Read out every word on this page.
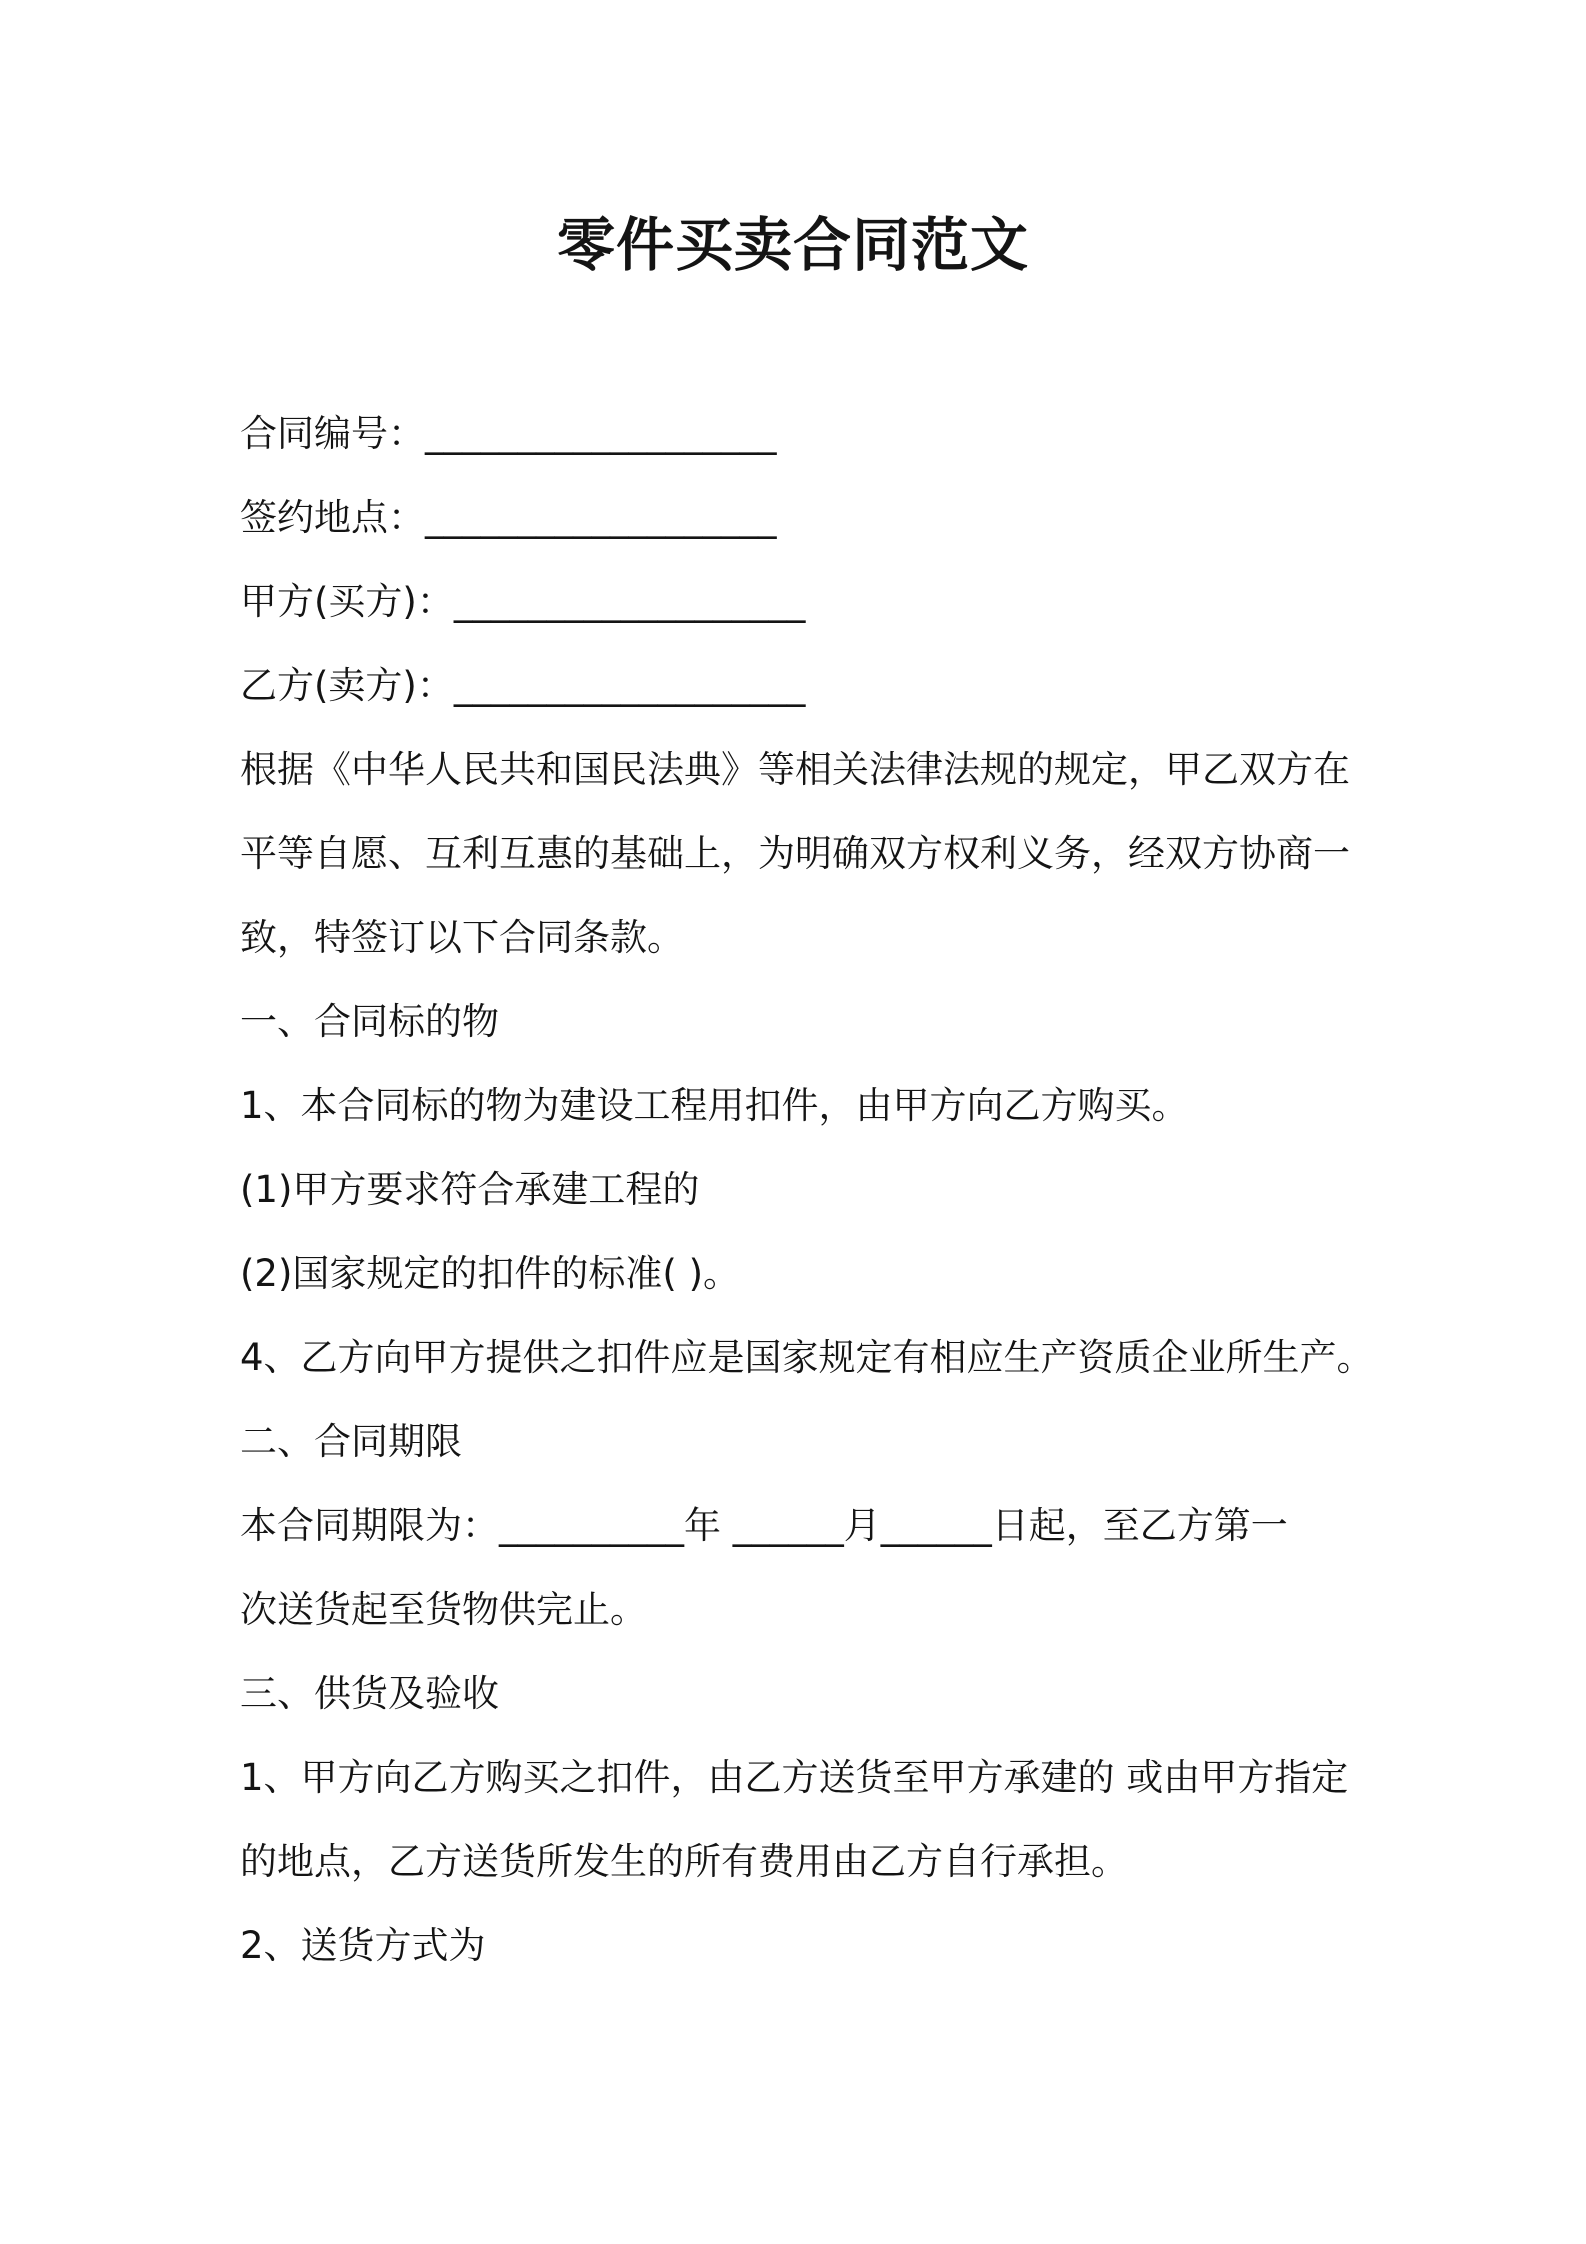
零件买卖合同范文
合同编号：___________________
签约地点：___________________
甲方(买方)：___________________
乙方(卖方)：___________________
根据《中华人民共和国民法典》等相关法律法规的规定，甲乙双方在
平等自愿、互利互惠的基础上，为明确双方权利义务，经双方协商一
致，特签订以下合同条款。
一、合同标的物
1、本合同标的物为建设工程用扣件，由甲方向乙方购买。
(1)甲方要求符合承建工程的
(2)国家规定的扣件的标准( )。
4、乙方向甲方提供之扣件应是国家规定有相应生产资质企业所生产。
二、合同期限
本合同期限为：__________年 ______月______日起，至乙方第一
次送货起至货物供完止。
三、供货及验收
1、甲方向乙方购买之扣件，由乙方送货至甲方承建的 或由甲方指定
的地点，乙方送货所发生的所有费用由乙方自行承担。
2、送货方式为
